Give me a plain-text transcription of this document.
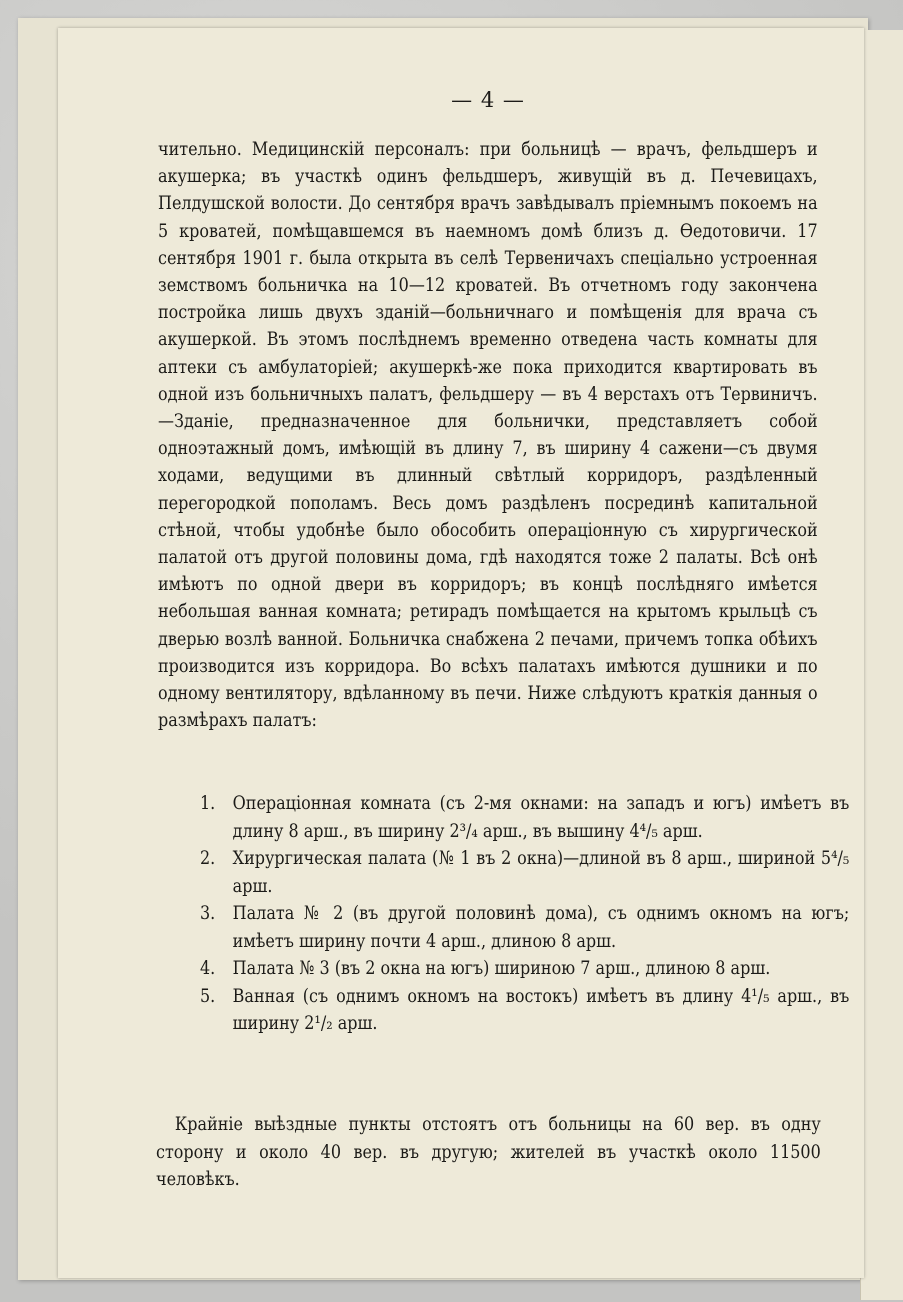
— 4 —

чительно. Медицинскій персоналъ: при больницѣ — врачъ, фельдшеръ и акушерка; въ участкѣ одинъ фельдшеръ, живущій въ д. Печевицахъ, Пелдушской волости. До сентября врачъ завѣдывалъ пріемнымъ покоемъ на 5 кроватей, помѣщавшемся въ наемномъ домѣ близъ д. Ѳедотовичи. 17 сентября 1901 г. была открыта въ селѣ Тервеничахъ спеціально устроенная земствомъ больничка на 10—12 кроватей. Въ отчетномъ году закончена постройка лишь двухъ зданій—больничнаго и помѣщенія для врача съ акушеркой. Въ этомъ послѣднемъ временно отведена часть комнаты для аптеки съ амбулаторіей; акушеркѣ-же пока приходится квартировать въ одной изъ больничныхъ палатъ, фельдшеру — въ 4 верстахъ отъ Тервиничъ.—Зданіе, предназначенное для больнички, представляетъ собой одноэтажный домъ, имѣющій въ длину 7, въ ширину 4 сажени—съ двумя ходами, ведущими въ длинный свѣтлый корридоръ, раздѣленный перегородкой пополамъ. Весь домъ раздѣленъ посрединѣ капитальной стѣной, чтобы удобнѣе было обособить операціонную съ хирургической палатой отъ другой половины дома, гдѣ находятся тоже 2 палаты. Всѣ онѣ имѣютъ по одной двери въ корридоръ; въ концѣ послѣдняго имѣется небольшая ванная комната; ретирадъ помѣщается на крытомъ крыльцѣ съ дверью возлѣ ванной. Больничка снабжена 2 печами, причемъ топка обѣихъ производится изъ корридора. Во всѣхъ палатахъ имѣются душники и по одному вентилятору, вдѣланному въ печи. Ниже слѣдуютъ краткія данныя о размѣрахъ палатъ:

1. Операціонная комната (съ 2-мя окнами: на западъ и югъ) имѣетъ въ длину 8 арш., въ ширину 2³/₄ арш., въ вышину 4⁴/₅ арш.
2. Хирургическая палата (№ 1 въ 2 окна)—длиной въ 8 арш., шириной 5⁴/₅ арш.
3. Палата № 2 (въ другой половинѣ дома), съ однимъ окномъ на югъ; имѣетъ ширину почти 4 арш., длиною 8 арш.
4. Палата № 3 (въ 2 окна на югъ) шириною 7 арш., длиною 8 арш.
5. Ванная (съ однимъ окномъ на востокъ) имѣетъ въ длину 4¹/₅ арш., въ ширину 2¹/₂ арш.
Крайніе выѣздные пункты отстоятъ отъ больницы на 60 вер. въ одну сторону и около 40 вер. въ другую; жителей въ участкѣ около 11500 человѣкъ.
